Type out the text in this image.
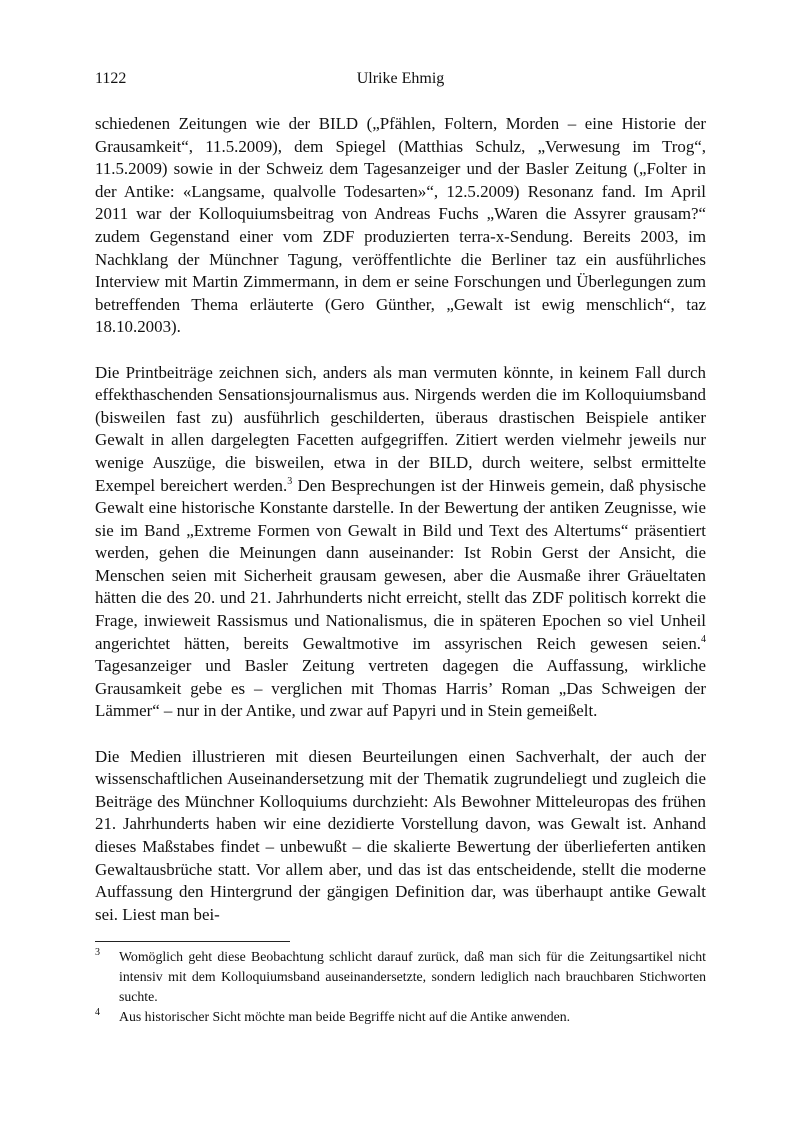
1122	Ulrike Ehmig

schiedenen Zeitungen wie der BILD („Pfählen, Foltern, Morden – eine Historie der Grausamkeit“, 11.5.2009), dem Spiegel (Matthias Schulz, „Verwesung im Trog“, 11.5.2009) sowie in der Schweiz dem Tagesanzeiger und der Basler Zeitung („Folter in der Antike: «Langsame, qualvolle Todesarten»“, 12.5.2009) Resonanz fand. Im April 2011 war der Kolloquiumsbeitrag von Andreas Fuchs „Waren die Assyrer grausam?“ zudem Gegenstand einer vom ZDF produzierten terra-x-Sendung. Bereits 2003, im Nachklang der Münchner Tagung, veröffentlichte die Berliner taz ein ausführliches Interview mit Martin Zimmermann, in dem er seine Forschungen und Überlegungen zum betreffenden Thema erläuterte (Gero Günther, „Gewalt ist ewig menschlich“, taz 18.10.2003).

Die Printbeiträge zeichnen sich, anders als man vermuten könnte, in keinem Fall durch effekthaschenden Sensationsjournalismus aus. Nirgends werden die im Kolloquiumsband (bisweilen fast zu) ausführlich geschilderten, überaus drastischen Beispiele antiker Gewalt in allen dargelegten Facetten aufgegriffen. Zitiert werden vielmehr jeweils nur wenige Auszüge, die bisweilen, etwa in der BILD, durch weitere, selbst ermittelte Exempel bereichert werden.$^3$ Den Besprechungen ist der Hinweis gemein, daß physische Gewalt eine historische Konstante darstelle. In der Bewertung der antiken Zeugnisse, wie sie im Band „Extreme Formen von Gewalt in Bild und Text des Altertums“ präsentiert werden, gehen die Meinungen dann auseinander: Ist Robin Gerst der Ansicht, die Menschen seien mit Sicherheit grausam gewesen, aber die Ausmaße ihrer Gräueltaten hätten die des 20. und 21. Jahrhunderts nicht erreicht, stellt das ZDF politisch korrekt die Frage, inwieweit Rassismus und Nationalismus, die in späteren Epochen so viel Unheil angerichtet hätten, bereits Gewaltmotive im assyrischen Reich gewesen seien.$^4$ Tagesanzeiger und Basler Zeitung vertreten dagegen die Auffassung, wirkliche Grausamkeit gebe es – verglichen mit Thomas Harris’ Roman „Das Schweigen der Lämmer“ – nur in der Antike, und zwar auf Papyri und in Stein gemeißelt.

Die Medien illustrieren mit diesen Beurteilungen einen Sachverhalt, der auch der wissenschaftlichen Auseinandersetzung mit der Thematik zugrundeliegt und zugleich die Beiträge des Münchner Kolloquiums durchzieht: Als Bewohner Mitteleuropas des frühen 21. Jahrhunderts haben wir eine dezidierte Vorstellung davon, was Gewalt ist. Anhand dieses Maßstabes findet – unbewußt – die skalierte Bewertung der überlieferten antiken Gewaltausbrüche statt. Vor allem aber, und das ist das entscheidende, stellt die moderne Auffassung den Hintergrund der gängigen Definition dar, was überhaupt antike Gewalt sei. Liest man bei-

3 Womöglich geht diese Beobachtung schlicht darauf zurück, daß man sich für die Zeitungsartikel nicht intensiv mit dem Kolloquiumsband auseinandersetzte, sondern lediglich nach brauchbaren Stichworten suchte.
4 Aus historischer Sicht möchte man beide Begriffe nicht auf die Antike anwenden.
